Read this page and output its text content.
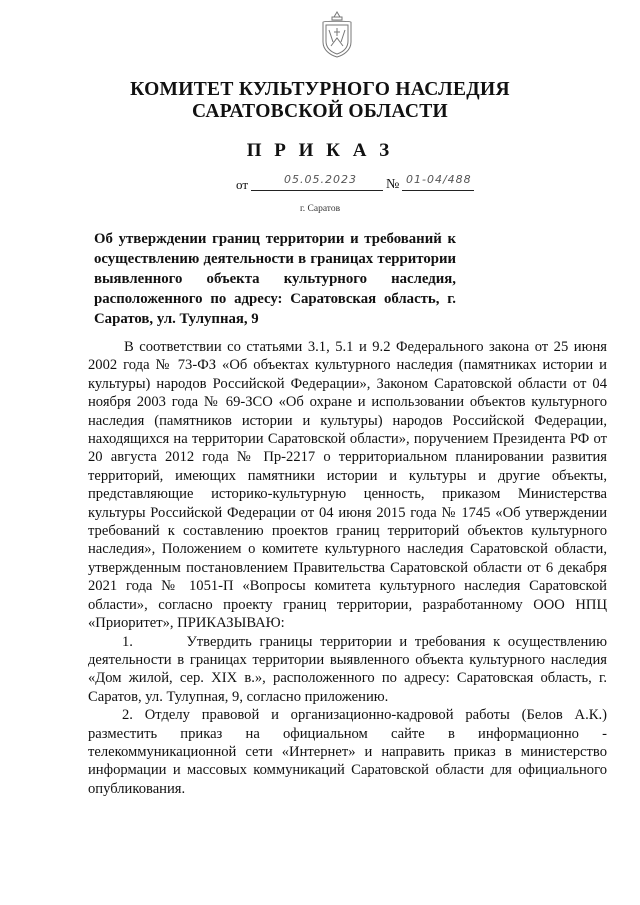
КОМИТЕТ КУЛЬТУРНОГО НАСЛЕДИЯ
САРАТОВСКОЙ ОБЛАСТИ
П Р И К А З
от	05.05.2023 № 01-04/488
г. Саратов

Об утверждении границ территории и требований к осуществлению деятельности в границах территории выявленного объекта культурного наследия, расположенного по адресу: Саратовская область, г. Саратов, ул. Тулупная, 9

В соответствии со статьями 3.1, 5.1 и 9.2 Федерального закона от 25 июня 2002 года № 73-ФЗ «Об объектах культурного наследия (памятниках истории и культуры) народов Российской Федерации», Законом Саратовской области от 04 ноября 2003 года № 69-ЗСО «Об охране и использовании объектов культурного наследия (памятников истории и культуры) народов Российской Федерации, находящихся на территории Саратовской области», поручением Президента РФ от 20 августа 2012 года № Пр-2217 о территориальном планировании развития территорий, имеющих памятники истории и культуры и другие объекты, представляющие историко-культурную ценность, приказом Министерства культуры Российской Федерации от 04 июня 2015 года № 1745 «Об утверждении требований к составлению проектов границ территорий объектов культурного наследия», Положением о комитете культурного наследия Саратовской области, утвержденным постановлением Правительства Саратовской области от 6 декабря 2021 года № 1051-П «Вопросы комитета культурного наследия Саратовской области», согласно проекту границ территории, разработанному ООО НПЦ «Приоритет», ПРИКАЗЫВАЮ:

1.       Утвердить границы территории и требования к осуществлению деятельности в границах территории выявленного объекта культурного наследия «Дом жилой, сер. XIX в.», расположенного по адресу: Саратовская область, г. Саратов, ул. Тулупная, 9, согласно приложению.

2. Отделу правовой и организационно-кадровой работы (Белов А.К.) разместить приказ на официальном сайте в информационно - телекоммуникационной сети «Интернет» и направить приказ в министерство информации и массовых коммуникаций Саратовской области для официального опубликования.
